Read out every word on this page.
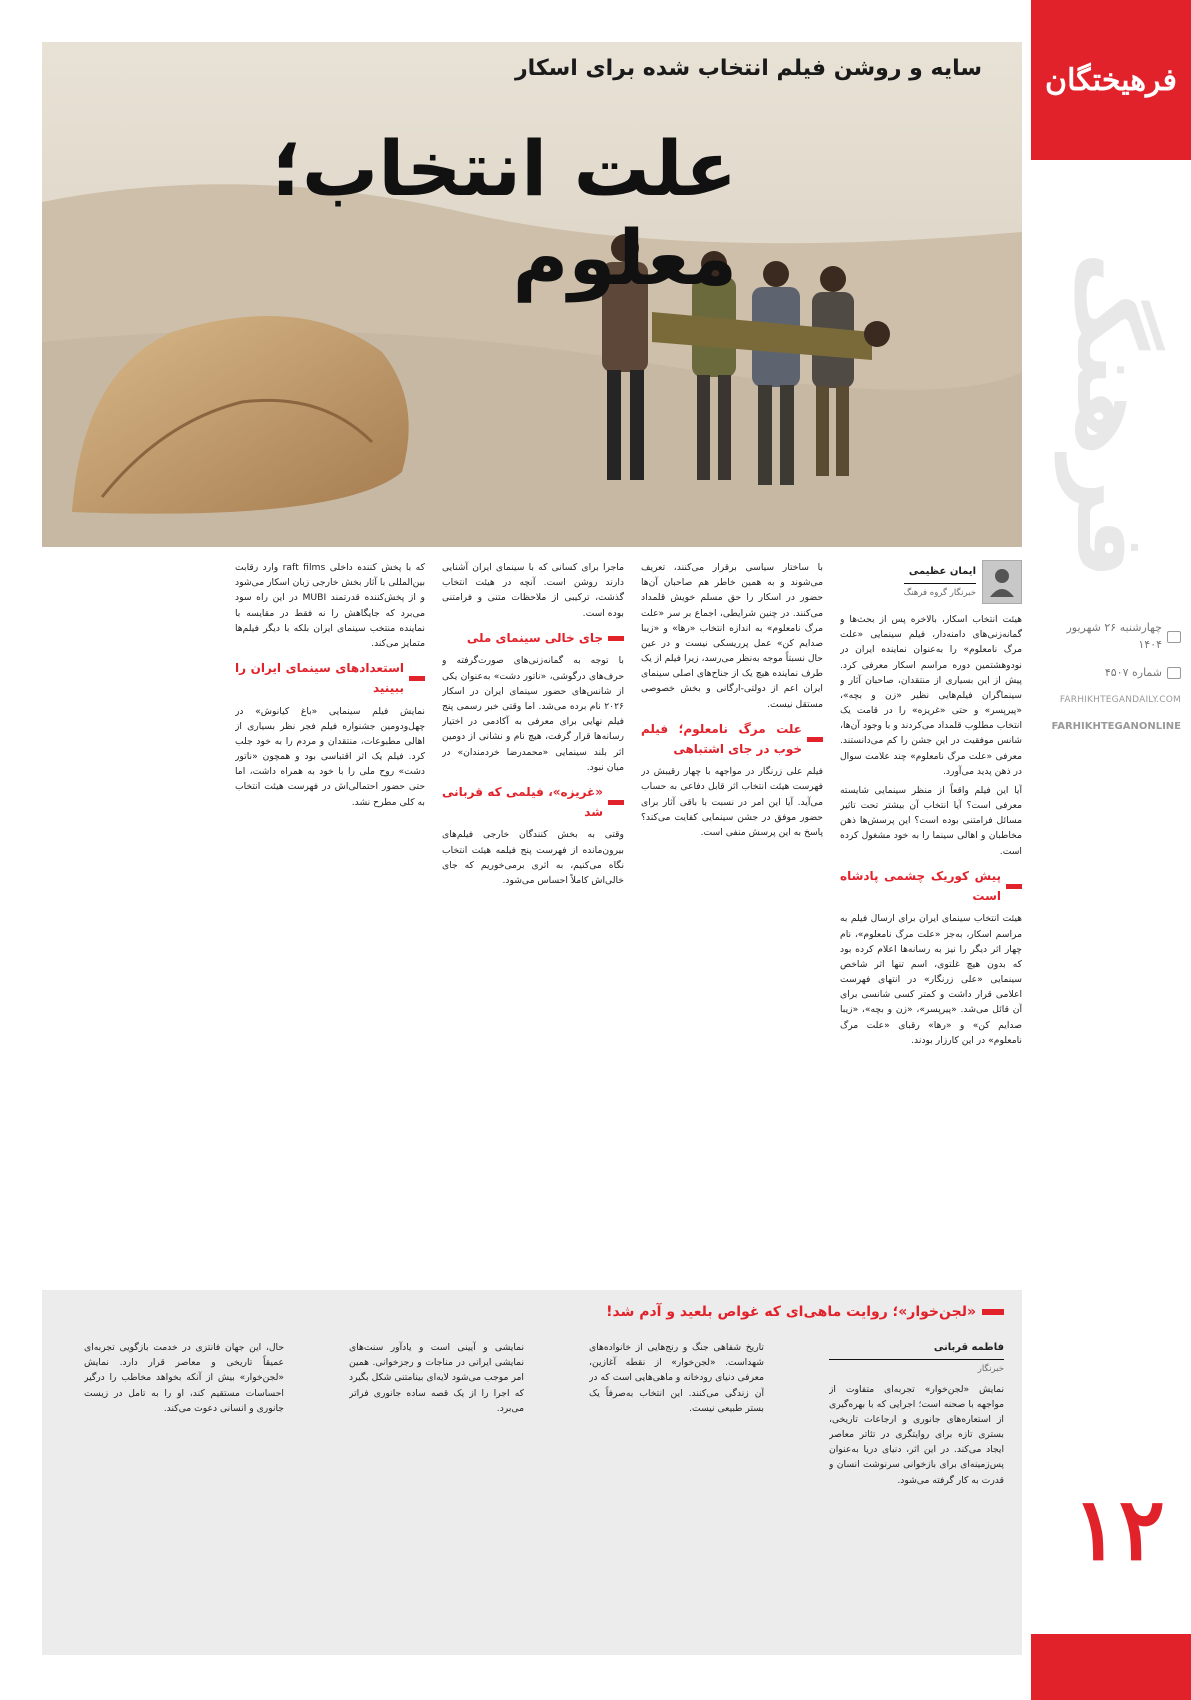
فرهیختگان
فرهنگ
چهارشنبه ۲۶ شهریور ۱۴۰۴
شماره ۴۵۰۷
FARHIKHTEGANDAILY.COM
FARHIKHTEGANONLINE
۱۲
سایه و روشن فیلم انتخاب شده برای اسکار
علت انتخاب؛ معلوم
ایمان عظیمی
خبرنگار گروه فرهنگ

هیئت انتخاب اسکار، بالاخره پس از بحث‌ها و گمانه‌زنی‌های دامنه‌دار، فیلم سینمایی «علت مرگ نامعلوم» را به‌عنوان نماینده ایران در نودوهشتمین دوره مراسم اسکار معرفی کرد. پیش از این بسیاری از منتقدان، صاحبان آثار و سینماگران فیلم‌هایی نظیر «زن و بچه»، «پیرپسر» و حتی «غریزه» را در قامت یک انتخاب مطلوب قلمداد می‌کردند و با وجود آن‌ها، شانس موفقیت در این جشن را کم می‌دانستند. معرفی «علت مرگ نامعلوم» چند علامت سوال در ذهن پدید می‌آورد.

آیا این فیلم واقعاً از منظر سینمایی شایسته معرفی است؟ آیا انتخاب آن بیشتر تحت تاثیر مسائل فرامتنی بوده است؟ این پرسش‌ها ذهن مخاطبان و اهالی سینما را به خود مشغول کرده است.

پیش کوریک چشمی پادشاه است

هیئت انتخاب سینمای ایران برای ارسال فیلم به مراسم اسکار، به‌جز «علت مرگ نامعلوم»، نام چهار اثر دیگر را نیز به رسانه‌ها اعلام کرده بود که بدون هیچ غلتوی، اسم تنها اثر شاخص سینمایی «علی زرنگار» در انتهای فهرست اعلامی قرار داشت و کمتر کسی شانسی برای آن قائل می‌شد. «پیرپسر»، «زن و بچه»، «زیبا صدایم کن» و «رها» رقبای «علت مرگ نامعلوم» در این کارزار بودند.

با ساختار سیاسی برقرار می‌کنند، تعریف می‌شوند و به همین خاطر هم صاحبان آن‌ها حضور در اسکار را حق مسلم خویش قلمداد می‌کنند. در چنین شرایطی، اجماع بر سر «علت مرگ نامعلوم» به اندازه انتخاب «رها» و «زیبا صدایم کن» عمل پرریسکی نیست و در عین حال نسبتاً موجه به‌نظر می‌رسد، زیرا فیلم از یک طرف نماینده هیچ یک از جناح‌های اصلی سینمای ایران اعم از دولتی-ارگانی و بخش خصوصی مستقل نیست.

علت مرگ نامعلوم؛ فیلم خوب در جای اشتباهی

فیلم علی زرنگار در مواجهه با چهار رقیبش در فهرست هیئت انتخاب اثر قابل دفاعی به حساب می‌آید. آیا این امر در نسبت با باقی آثار برای حضور موفق در جشن سینمایی کفایت می‌کند؟ پاسخ به این پرسش منفی است.

ماجرا برای کسانی که با سینمای ایران آشنایی دارند روشن است. آنچه در هیئت انتخاب گذشت، ترکیبی از ملاحظات متنی و فرامتنی بوده است.

جای خالی سینمای ملی

با توجه به گمانه‌زنی‌های صورت‌گرفته و حرف‌های درگوشی، «ناتور دشت» به‌عنوان یکی از شانس‌های حضور سینمای ایران در اسکار ۲۰۲۶ نام برده می‌شد. اما وقتی خبر رسمی پنج فیلم نهایی برای معرفی به آکادمی در اختیار رسانه‌ها قرار گرفت، هیچ نام و نشانی از دومین اثر بلند سینمایی «محمدرضا خردمندان» در میان نبود.

«غریزه»، فیلمی که قربانی شد

وقتی به بخش کنندگان خارجی فیلم‌های بیرون‌مانده از فهرست پنج فیلمه هیئت انتخاب نگاه می‌کنیم، به اثری برمی‌خوریم که جای خالی‌اش کاملاً احساس می‌شود.

که با پخش کننده داخلی raft films وارد رقابت بین‌المللی با آثار بخش خارجی زبان اسکار می‌شود و از پخش‌کننده قدرتمند MUBI در این راه سود می‌برد که جایگاهش را نه فقط در مقایسه با نماینده منتخب سینمای ایران بلکه با دیگر فیلم‌ها متمایز می‌کند.

استعدادهای سینمای ایران را ببینید

نمایش فیلم سینمایی «باغ کیانوش» در چهل‌ودومین جشنواره فیلم فجر نظر بسیاری از اهالی مطبوعات، منتقدان و مردم را به خود جلب کرد. فیلم یک اثر اقتباسی بود و همچون «ناتور دشت» روح ملی را با خود به همراه داشت، اما حتی حضور احتمالی‌اش در فهرست هیئت انتخاب به کلی مطرح نشد.

«لجن‌خوار»؛ روایت ماهی‌ای که غواص بلعید و آدم شد!
فاطمه قربانی
خبرنگار

نمایش «لجن‌خوار» تجربه‌ای متفاوت از مواجهه با صحنه است؛ اجرایی که با بهره‌گیری از استعاره‌های جانوری و ارجاعات تاریخی، بستری تازه برای روایتگری در تئاتر معاصر ایجاد می‌کند. در این اثر، دنیای دریا به‌عنوان پس‌زمینه‌ای برای بازخوانی سرنوشت انسان و قدرت به کار گرفته می‌شود.

تاریخ شفاهی جنگ و رنج‌هایی از خانواده‌های شهداست. «لجن‌خوار» از نقطه آغازین، معرفی دنیای رودخانه و ماهی‌هایی است که در آن زندگی می‌کنند. این انتخاب به‌صرفاً یک بستر طبیعی نیست.

نمایشی و آیینی است و یادآور سنت‌های نمایشی ایرانی در مناجات و رجزخوانی. همین امر موجب می‌شود لایه‌ای بینامتنی شکل بگیرد که اجرا را از یک قصه ساده جانوری فراتر می‌برد.

حال، این جهان فانتزی در خدمت بازگویی تجربه‌ای عمیقاً تاریخی و معاصر قرار دارد. نمایش «لجن‌خوار» بیش از آنکه بخواهد مخاطب را درگیر احساسات مستقیم کند، او را به تامل در زیست جانوری و انسانی دعوت می‌کند.
